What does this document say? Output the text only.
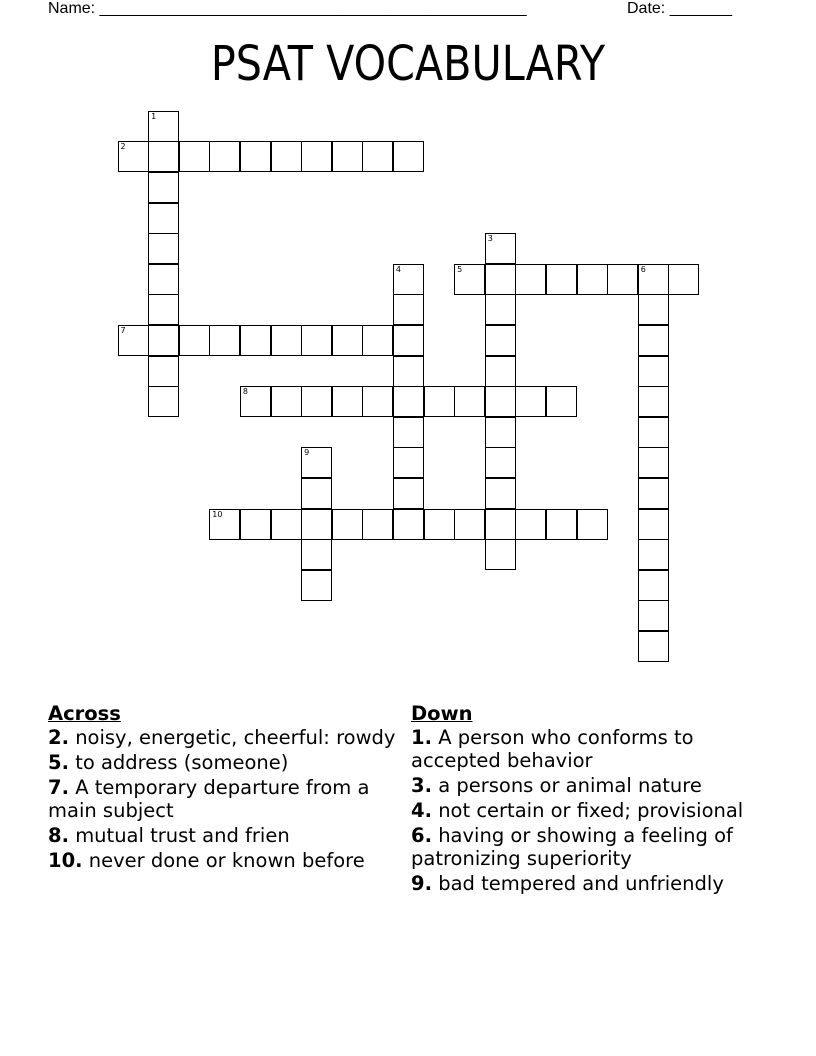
Name: ________________________________________________	Date: _______
PSAT VOCABULARY
1
2
3
4	5	6
7
8
9
10
Across
2. noisy, energetic, cheerful: rowdy
5. to address (someone)
7. A temporary departure from a main subject
8. mutual trust and frien
10. never done or known before
Down
1. A person who conforms to accepted behavior
3. a persons or animal nature
4. not certain or fixed; provisional
6. having or showing a feeling of patronizing superiority
9. bad tempered and unfriendly
